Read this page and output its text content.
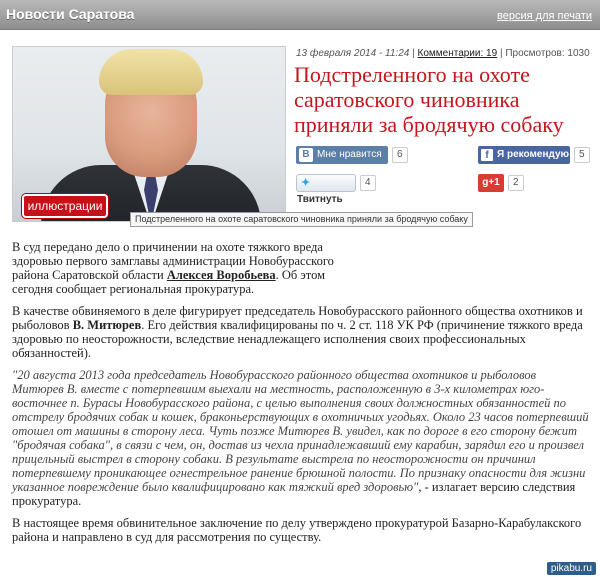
Новости Саратова	версия для печати
иллюстрации
Подстреленного на охоте саратовского чиновника приняли за бродячую собаку
13 февраля 2014 - 11:24 | Комментарии: 19 | Просмотров: 1030
Подстреленного на охоте саратовского чиновника приняли за бродячую собаку
B Мне нравится	6	f Я рекомендую 5
✦Твитнуть
4	g+1	2

В суд передано дело о причинении на охоте тяжкого вреда здоровью первого замглавы администрации Новобурасского района Саратовской области Алексея Воробьева. Об этом сегодня сообщает региональная прокуратура.

В качестве обвиняемого в деле фигурирует председатель Новобурасского районного общества охотников и рыболовов В. Митюрев. Его действия квалифицированы по ч. 2 ст. 118 УК РФ (причинение тяжкого вреда здоровью по неосторожности, вследствие ненадлежащего исполнения своих профессиональных обязанностей).

"20 августа 2013 года председатель Новобурасского районного общества охотников и рыболовов Митюрев В. вместе с потерпевшим выехали на местность, расположенную в 3-х километрах юго-восточнее п. Бурасы Новобурасского района, с целью выполнения своих должностных обязанностей по отстрелу бродячих собак и кошек, браконьерствующих в охотничьих угодьях. Около 23 часов потерпевший отошел от машины в сторону леса. Чуть позже Митюрев В. увидел, как по дороге в его сторону бежит "бродячая собака", в связи с чем, он, достав из чехла принадлежавший ему карабин, зарядил его и произвел прицельный выстрел в сторону собаки. В результате выстрела по неосторожности он причинил потерпевшему проникающее огнестрельное ранение брюшной полости. По признаку опасности для жизни указанное повреждение было квалифицировано как тяжкий вред здоровью", - излагает версию следствия прокуратура.

В настоящее время обвинительное заключение по делу утверждено прокуратурой Базарно-Карабулакского района и направлено в суд для рассмотрения по существу.

pikabu.ru
